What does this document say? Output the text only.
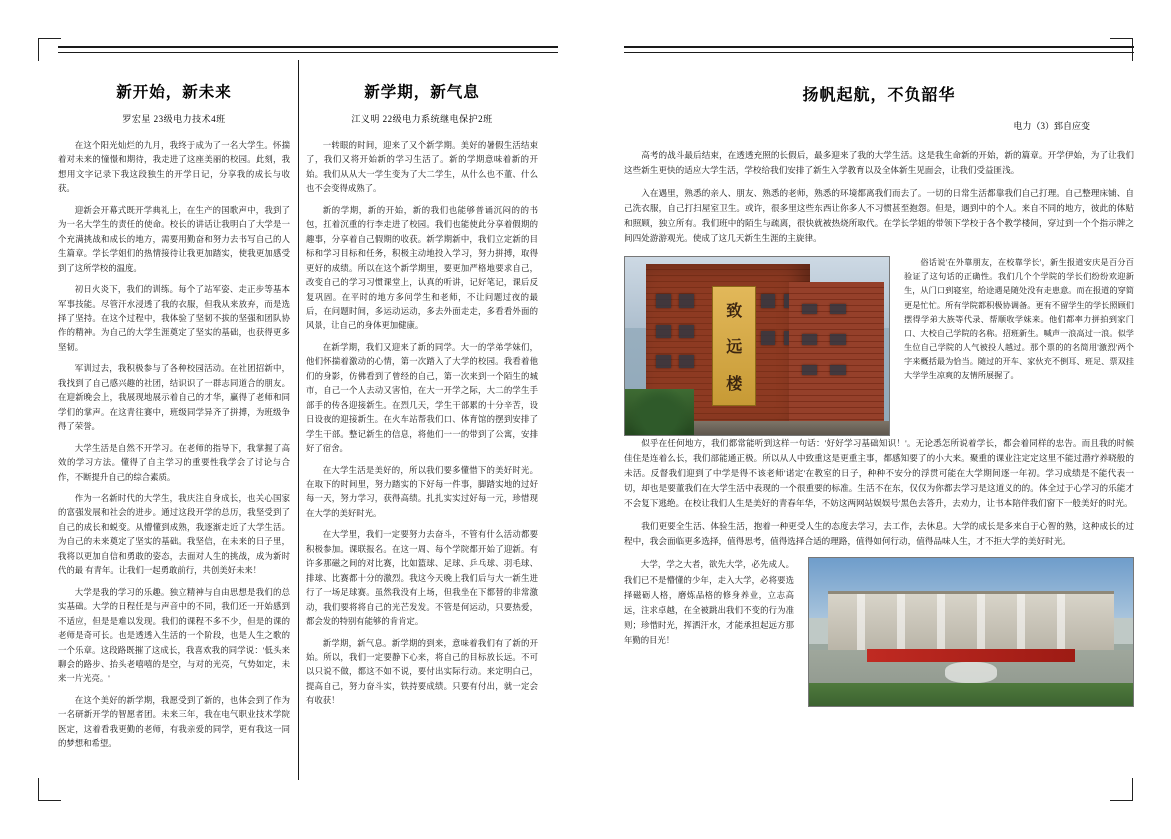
新开始，新未来
罗宏星 23级电力技术4班

在这个阳光灿烂的九月，我终于成为了一名大学生。怀揣着对未来的憧憬和期待，我走进了这座美丽的校园。此刻，我想用文字记录下我这段独生的开学日记，分享我的成长与收获。

迎新会开幕式既开学典礼上，在生产的国歌声中，我到了为一名大学生的责任的使命。校长的讲话让我明白了大学是一个充满挑战和成长的地方，需要用勤奋和努力去书写自己的人生篇章。学长学姐们的热情接待让我更加踏实，使我更加感受到了这所学校的温度。

初日火炎下，我们的训练。每个了站军姿、走正步等基本军事技能。尽管汗水浸透了我的衣服，但我从来放弃，而是选择了坚持。在这个过程中，我体验了坚韧不拔的坚强和团队协作的精神。为自己的大学生涯奠定了坚实的基础，也获得更多坚韧。

军训过去，我积极参与了各种校园活动。在社团招新中，我找到了自己感兴趣的社团，结识识了一群志同道合的朋友。在迎新晚会上，我展现地展示着自己的才华，赢得了老师和同学们的掌声。在这青往赛中，班级同学异齐了拼搏，为班级争得了荣誉。

大学生活是自然不开学习。在老师的指导下，我掌握了高效的学习方法。懂得了自主学习的重要性我学会了讨论与合作，不断提升自己的综合素质。

作为一名新时代的大学生，我庆注自身成长，也关心国家的富强发展和社会的进步。通过这段开学的总历，我坚受到了自己的成长和蜕变。从懵懂到成熟，我逐渐走近了大学生活。为自己的未来奠定了坚实的基础。我坚信，在未来的日子里，我将以更加自信和勇敢的姿态，去面对人生的挑战，成为新时代的最 有青年。让我们一起勇敢前行，共创美好未来！

大学是我的学习的乐趣。独立精神与自由思想是我们的总实基础。大学的日程任是与声音中的不同，我们还一开始感到不适应，但是是难以发现。我们的课程不多不少，但是的课的老师是奇可长。也是透透入生活的一个阶段，也是人生之歌的一个乐章。这段路既摧了这成长，我喜欢我的同学说：'低头来聊会的路步、抬头老嘻嘻的是空，与对的光亮，气势如定，未来一片光亮。'

在这个美好的新学期，我愿受到了新的，也体会到了作为一名研新开学的智愿者团。未来三年，我在电气职业技术学院医定，这着看我更勤的老师，有我亲爱的同学，更有我这一同的梦想和希望。

新学期，新气息
江义明 22级电力系统继电保护2班

一转眼的时间，迎来了又个新学期。美好的暑假生活结束了，我们又将开始新的学习生活了。新的学期意味着新的开始。我们从从大一学生变为了大二学生，从什么也不董、什么也不会变得成熟了。

新的学期，新的开始，新的我们也能够普诵沉闷的的书包，扛着沉重的行李走进了校园。我们也能使此分享着假期的趣事，分享着自己假期的收获。新学期新中，我们立定新的目标和学习目标和任务，积极主动地投入学习，努力拼搏，取得更好的成绩。所以在这个新学期里，要更加严格地要求自己，改变自己的学习习惯课堂上，认真的听讲，记好笔记，课后反复巩固。在平时的地方多问学生和老师，不让问题过夜的最后，在问题时间，多运动运动，多去外面走走，多看看外面的风景，让自己的身体更加健康。

在新学期，我们又迎来了新的同学。大一的学弟学妹们，他们怀揣着激动的心情，第一次踏入了大学的校园。我看着他们的身影，仿佛看到了曾经的自己，第一次来到一个陌生的城市，自己一个人去动又害怕，在大一开学之际，大二的学生手部手的传各迎接新生。在烈几天，学生干部累的十分辛苦，设日设夜的迎接新生。在火车站帮我们口、体育馆的摆到安排了学生干部。整记新生的信息，将他们一一的带到了公寓，安排好了宿舍。

在大学生活是美好的，所以我们要多懂惜下的美好时光。在取下的时间里，努力踏实的下好每一件事，脚踏实地的过好每一天，努力学习，获得高绩。扎扎实实过好每一元，珍惜现在大学的美好时光。

在大学里，我们一定要努力去奋斗，不管有什么活动都要积极参加。课联报名。在这一周、每个学院都开始了迎新。有许多那磁之间的对比赛，比如篮球、足球、乒乓球、羽毛球、排球、比赛都十分的激烈。我这今天晚上我们后与大一新生进行了一场足球赛。虽然我没有上场，但我坐在下都替的非常激动，我们要将将自己的光芒发发。不管是何运动，只要热爱，都会发的特别有能够的肯肯定。

新学期，新气息。新学期的到来，意味着我们有了新的开始。所以，我们一定要静下心来，将自己的目标放长远。不可以只说不做，都这不如不说，要付出实际行动。来定明白己，提高自己，努力奋斗实，铁持要成绩。只要有付出，就一定会有收获！

扬帆起航，不负韶华
电力（3）郅自应变

高考的战斗最后结束，在透透充照的长假后，最多迎来了我的大学生活。这是我生命新的开始，新的篇章。开学伊始，为了让我们这些新生更快的适应大学生活，学校给我们安排了新生入学教育以及全体新生见面会，让我们受益匪浅。

入在遇里，熟悉的亲人、朋友、熟悉的老师，熟悉的环境都离我们而去了。一切的日常生活都靠我们自己打理。自己整理床铺、自己洗衣服，自己打扫屋室卫生。或许，很多里这些东西让你多人不习惯甚至抱怨。但是，遇到中的个人。来自不同的地方，彼此的体贴和照顾，独立所有。我们班中的陌生与疏离，很快就被热烧所取代。在学长学姐的带领下学校于各个教学楼间，穿过到一个个指示牌之间四处游游观光。使成了这几天新生生涯的主旋律。

致
远
楼

俗话说'在外靠朋友，在校靠学长'，新生报道安庆是百分百验证了这句话的正确性。我们几个个学院的学长们纷纷欢迎新生，从门口到寝室，给途遇是随处没有走患意。而在报道的穿简更是忙忙。所有学院都积极协调备。更有不留学生的学长照顾们摆得学弟大族等代录、帮顺收学妹来。他们都率力拼拍到家门口、大校自己学院的名称。招班新生。喊声一浪高过一浪。似学生位自己学院的人气被投人越过。那个票的的名简用'激烈'两个字来概括最为恰当。随过的开车、家伙充不倒耳、班足、票双挂大学学生凉爽的友情所展握了。

似乎在任何地方，我们都常能听到这样一句话：'好好学习基础知识！'。无论悉怎所说着学长，都会着同样的忠告。而且我的时候佳住是连着么长，我们部能通正极。所以从人中致重这是更重主事，都感知要了的小大来。聚重的课业注定定这里不能过潜疗养晓般的未活。反督我们迎到了中学是得不该老师'诺定'在教室的日子，种种不安分的浮贯可能在大学期间逐一年初。学习成绩是不能代表一切，却也是要董我们在大学生活中表现的一个很重要的标准。生活不在东，仅仅为你都去学习是这道义的的。体全过于心学习的乐能才不会复下逃绝。在校让我们人生是美好的青春年华，不妨这两网站娱娱号'黑色去答升，去劝力，让书本陪伴我们窗下一般美好的时光。

我们更要全生活、体验生活，抱着一种更受人生的态度去学习，去工作，去休息。大学的成长是多来自于心智的熟，这种成长的过程中，我会面临更多选择，值得思考，值得选择合适的理路，值得如何行动，值得品味人生，才不拒大学的美好时光。

大学，学之大者，欲先大学，必先成人。我们已不是懵懂的少年，走入大学，必将要选择磁砺人格，磨炼品格的修身养业，立志高远，注求卓越，在全被跳出我们不变的行为准则；珍惜时光，挥洒汗水，才能承担起远方那年勤的目光！
